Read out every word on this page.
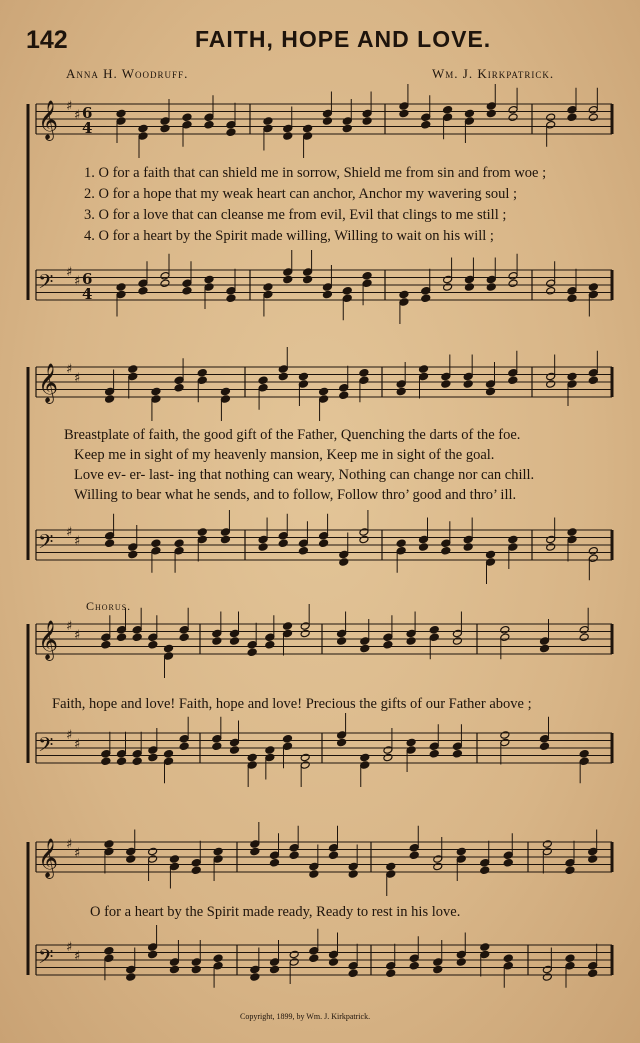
142	FAITH, HOPE AND LOVE.
Anna H. Woodruff.	Wm. J. Kirkpatrick.
𝄞 ♯
♯ 6
4
𝄢 ♯
♯ 6
4
𝄞 ♯
♯
𝄢 ♯
♯
𝄞 ♯
♯
𝄢 ♯
♯
𝄞 ♯
♯
𝄢 ♯
♯
1. O for a faith that can shield me in sorrow, Shield me from sin and from woe ;
2. O for a hope that my weak heart can anchor, Anchor my wavering soul ;
3. O for a love that can cleanse me from evil, Evil that clings to me still ;
4. O for a heart by the Spirit made willing, Willing to wait on his will ;
Breastplate of faith, the good gift of the Father, Quenching the darts of the foe.
Keep me in sight of my heavenly mansion, Keep me in sight of the goal.
Love ev- er- last- ing that nothing can weary, Nothing can change nor can chill.
Willing to bear what he sends, and to follow, Follow thro’ good and thro’ ill.
Chorus.
Faith, hope and love! Faith, hope and love! Precious the gifts of our Father above ;
O for a heart by the Spirit made ready, Ready to rest in his love.
Copyright, 1899, by Wm. J. Kirkpatrick.
